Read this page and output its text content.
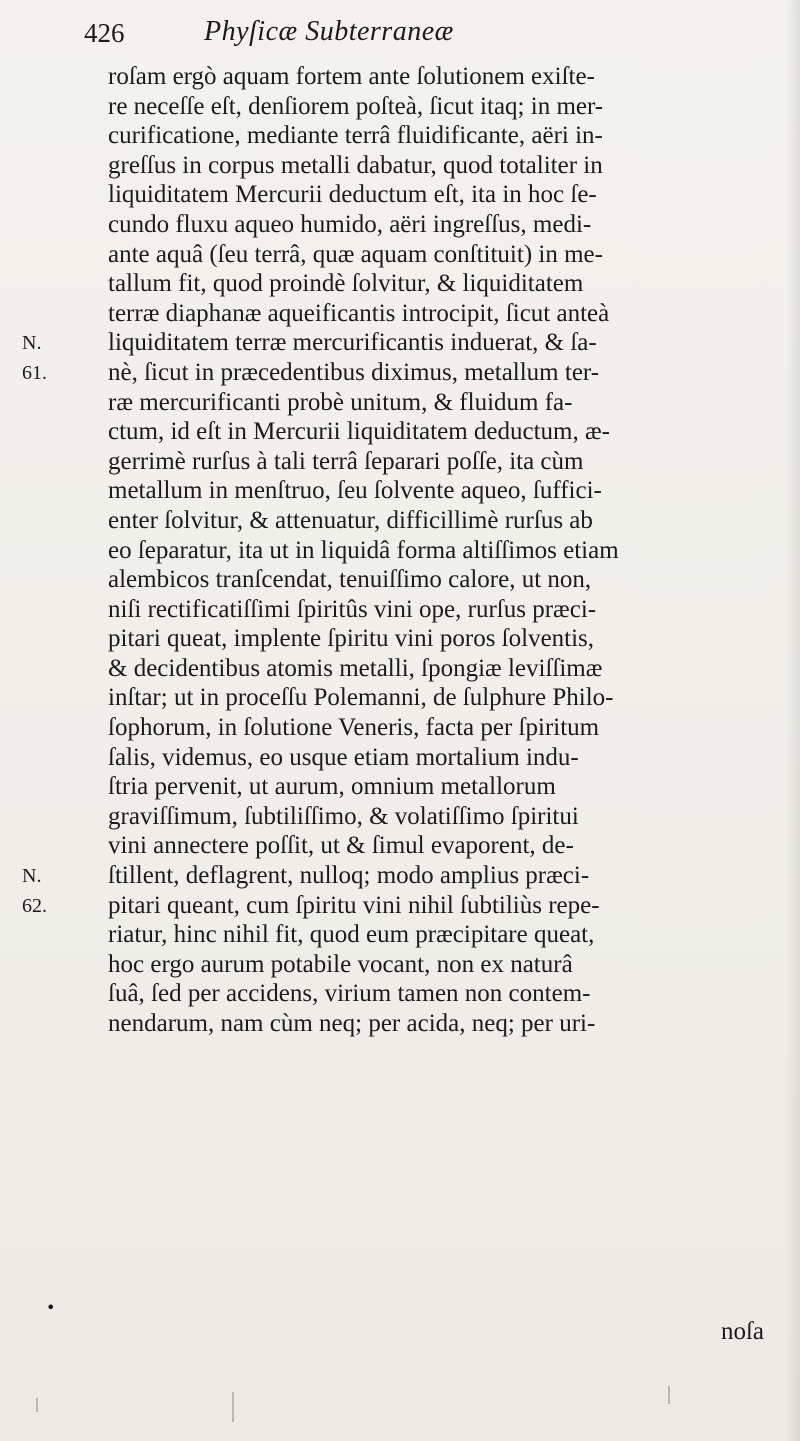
426	Phyſicæ Subterraneæ
roſam ergò aquam fortem ante ſolutionem exiſte-
re neceſſe eſt, denſiorem poſteà, ſicut itaq; in mer-
curificatione, mediante terrâ fluidificante, aëri in-
greſſus in corpus metalli dabatur, quod totaliter in
liquiditatem Mercurii deductum eſt, ita in hoc ſe-
cundo fluxu aqueo humido, aëri ingreſſus, medi-
ante aquâ (ſeu terrâ, quæ aquam conſtituit) in me-
tallum fit, quod proindè ſolvitur, & liquiditatem
terræ diaphanæ aqueificantis introcipit, ſicut anteà
liquiditatem terræ mercurificantis induerat, & ſa-
nè, ſicut in præcedentibus diximus, metallum ter-
ræ mercurificanti probè unitum, & fluidum fa-
ctum, id eſt in Mercurii liquiditatem deductum, æ-
gerrimè rurſus à tali terrâ ſeparari poſſe, ita cùm
metallum in menſtruo, ſeu ſolvente aqueo, ſuffici-
enter ſolvitur, & attenuatur, difficillimè rurſus ab
eo ſeparatur, ita ut in liquidâ forma altiſſimos etiam
alembicos tranſcendat, tenuiſſimo calore, ut non,
niſi rectificatiſſimi ſpiritûs vini ope, rurſus præci-
pitari queat, implente ſpiritu vini poros ſolventis,
& decidentibus atomis metalli, ſpongiæ leviſſimæ
inſtar; ut in proceſſu Polemanni, de ſulphure Philo-
ſophorum, in ſolutione Veneris, facta per ſpiritum
ſalis, videmus, eo usque etiam mortalium indu-
ſtria pervenit, ut aurum, omnium metallorum
graviſſimum, ſubtiliſſimo, & volatiſſimo ſpiritui
vini annectere poſſit, ut & ſimul evaporent, de-
ſtillent, deflagrent, nulloq; modo amplius præci-
pitari queant, cum ſpiritu vini nihil ſubtiliùs repe-
riatur, hinc nihil fit, quod eum præcipitare queat,
hoc ergo aurum potabile vocant, non ex naturâ
ſuâ, ſed per accidens, virium tamen non contem-
nendarum, nam cùm neq; per acida, neq; per uri-
N.
61.
N.
62.
•
noſa
